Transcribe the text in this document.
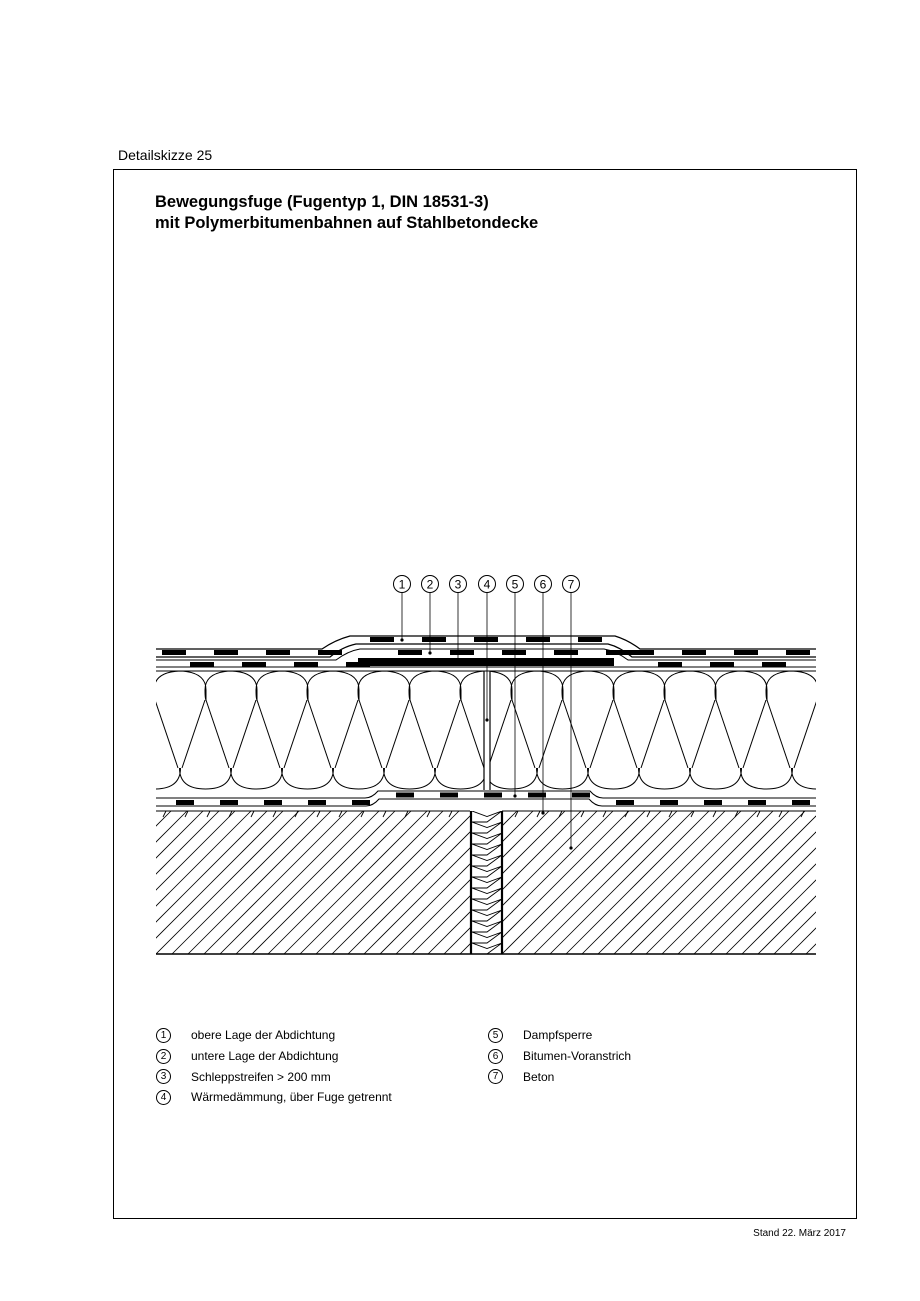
Detailskizze 25
Bewegungsfuge (Fugentyp 1, DIN 18531-3)
mit Polymerbitumenbahnen auf Stahlbetondecke
1 2 3 4 5 6 7
1	obere Lage der Abdichtung
2	untere Lage der Abdichtung
3	Schleppstreifen > 200 mm
4	Wärmedämmung, über Fuge getrennt
5	Dampfsperre
6	Bitumen-Voranstrich
7	Beton
Stand 22. März 2017
